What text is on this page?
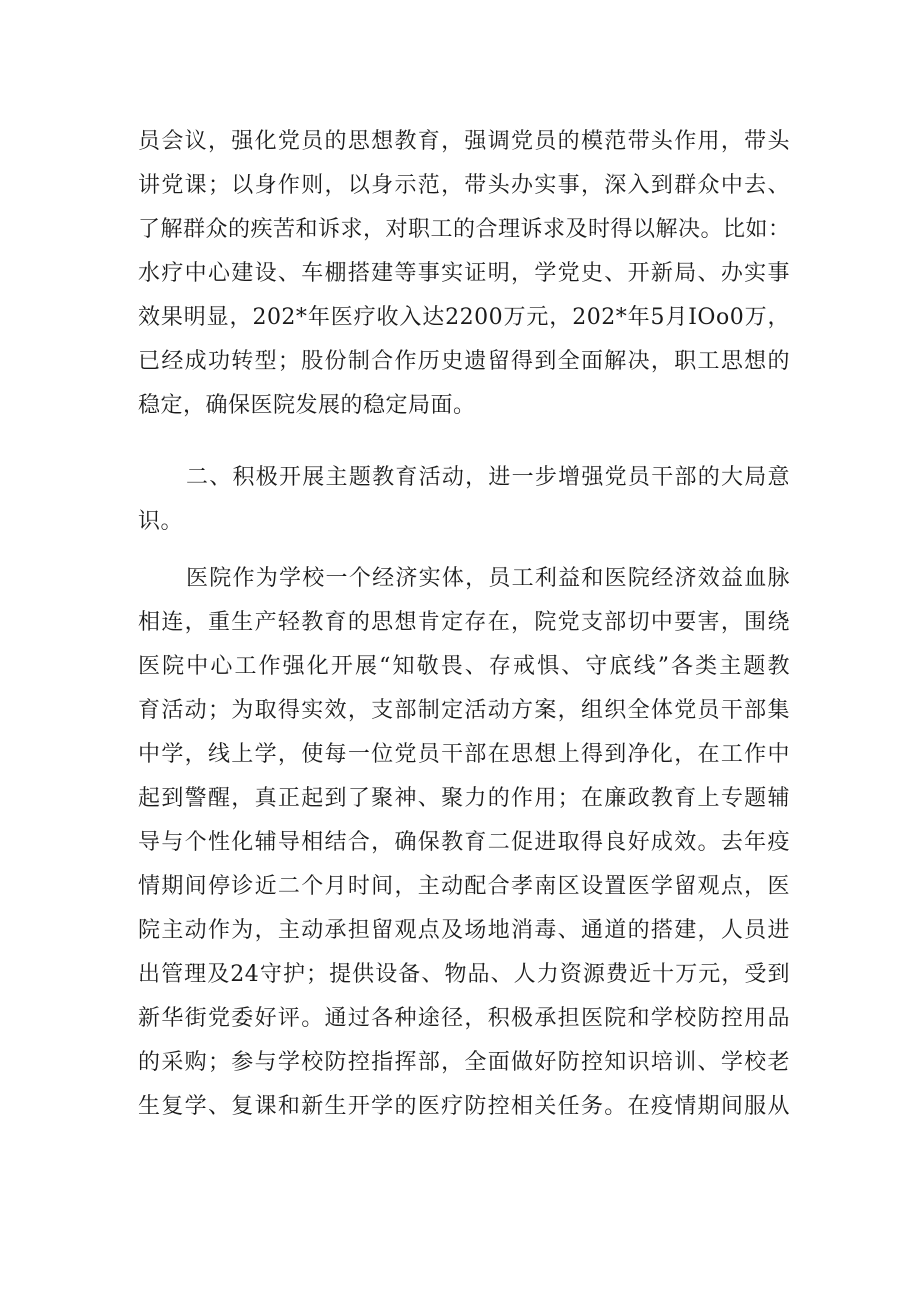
员会议，强化党员的思想教育，强调党员的模范带头作用，带头

讲党课；以身作则，以身示范，带头办实事，深入到群众中去、

了解群众的疾苦和诉求，对职工的合理诉求及时得以解决。比如：

水疗中心建设、车棚搭建等事实证明，学党史、开新局、办实事

效果明显，202*年医疗收入达2200万元，202*年5月IOo0万，

已经成功转型；股份制合作历史遗留得到全面解决，职工思想的

稳定，确保医院发展的稳定局面。

二、积极开展主题教育活动，进一步增强党员干部的大局意

识。

医院作为学校一个经济实体，员工利益和医院经济效益血脉

相连，重生产轻教育的思想肯定存在，院党支部切中要害，围绕

医院中心工作强化开展“知敬畏、存戒惧、守底线”各类主题教

育活动；为取得实效，支部制定活动方案，组织全体党员干部集

中学，线上学，使每一位党员干部在思想上得到净化，在工作中

起到警醒，真正起到了聚神、聚力的作用；在廉政教育上专题辅

导与个性化辅导相结合，确保教育二促进取得良好成效。去年疫

情期间停诊近二个月时间，主动配合孝南区设置医学留观点，医

院主动作为，主动承担留观点及场地消毒、通道的搭建，人员进

出管理及24守护；提供设备、物品、人力资源费近十万元，受到

新华街党委好评。通过各种途径，积极承担医院和学校防控用品

的采购；参与学校防控指挥部，全面做好防控知识培训、学校老

生复学、复课和新生开学的医疗防控相关任务。在疫情期间服从
